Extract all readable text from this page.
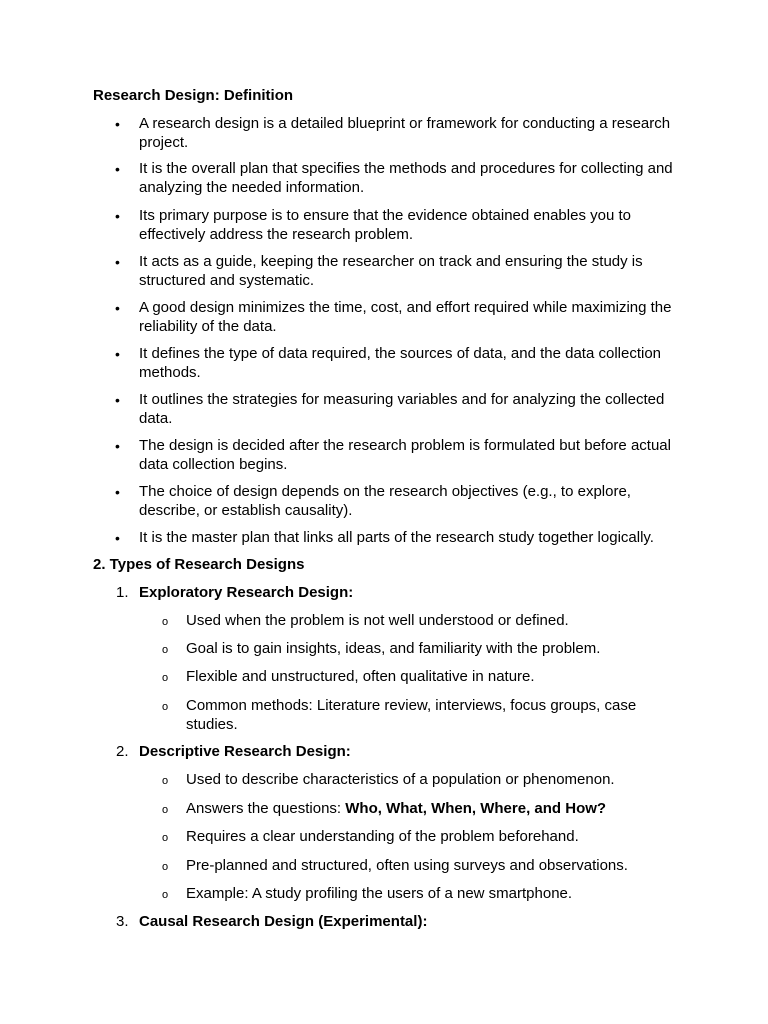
Research Design: Definition
• A research design is a detailed blueprint or framework for conducting a research project.
• It is the overall plan that specifies the methods and procedures for collecting and analyzing the needed information.
• Its primary purpose is to ensure that the evidence obtained enables you to effectively address the research problem.
• It acts as a guide, keeping the researcher on track and ensuring the study is structured and systematic.
• A good design minimizes the time, cost, and effort required while maximizing the reliability of the data.
• It defines the type of data required, the sources of data, and the data collection methods.
• It outlines the strategies for measuring variables and for analyzing the collected data.
• The design is decided after the research problem is formulated but before actual data collection begins.
• The choice of design depends on the research objectives (e.g., to explore, describe, or establish causality).
• It is the master plan that links all parts of the research study together logically.
2. Types of Research Designs
1. Exploratory Research Design:
o Used when the problem is not well understood or defined.
o Goal is to gain insights, ideas, and familiarity with the problem.
o Flexible and unstructured, often qualitative in nature.
o Common methods: Literature review, interviews, focus groups, case studies.
2. Descriptive Research Design:
o Used to describe characteristics of a population or phenomenon.
o Answers the questions: Who, What, When, Where, and How?
o Requires a clear understanding of the problem beforehand.
o Pre-planned and structured, often using surveys and observations.
o Example: A study profiling the users of a new smartphone.
3. Causal Research Design (Experimental):
